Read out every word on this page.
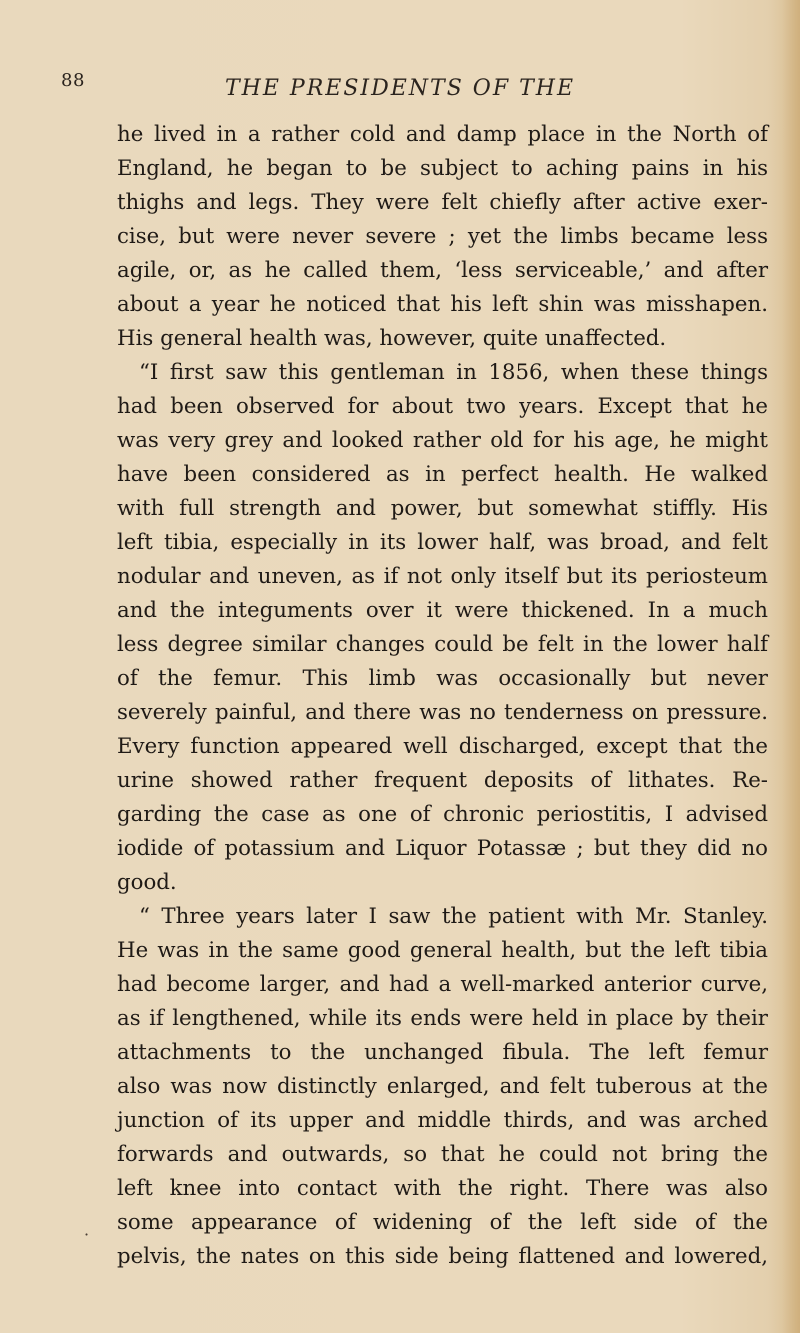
88	THE PRESIDENTS OF THE
he lived in a rather cold and damp place in the North of
England, he began to be subject to aching pains in his
thighs and legs. They were felt chiefly after active exer-
cise, but were never severe ; yet the limbs became less
agile, or, as he called them, ‘less serviceable,’ and after
about a year he noticed that his left shin was misshapen.
His general health was, however, quite unaffected.
“I first saw this gentleman in 1856, when these things
had been observed for about two years. Except that he
was very grey and looked rather old for his age, he might
have been considered as in perfect health. He walked
with full strength and power, but somewhat stiffly. His
left tibia, especially in its lower half, was broad, and felt
nodular and uneven, as if not only itself but its periosteum
and the integuments over it were thickened. In a much
less degree similar changes could be felt in the lower half
of the femur. This limb was occasionally but never
severely painful, and there was no tenderness on pressure.
Every function appeared well discharged, except that the
urine showed rather frequent deposits of lithates. Re-
garding the case as one of chronic periostitis, I advised
iodide of potassium and Liquor Potassæ ; but they did no
good.
“ Three years later I saw the patient with Mr. Stanley.
He was in the same good general health, but the left tibia
had become larger, and had a well-marked anterior curve,
as if lengthened, while its ends were held in place by their
attachments to the unchanged fibula. The left femur
also was now distinctly enlarged, and felt tuberous at the
junction of its upper and middle thirds, and was arched
forwards and outwards, so that he could not bring the
left knee into contact with the right. There was also
some appearance of widening of the left side of the
pelvis, the nates on this side being flattened and lowered,
·
